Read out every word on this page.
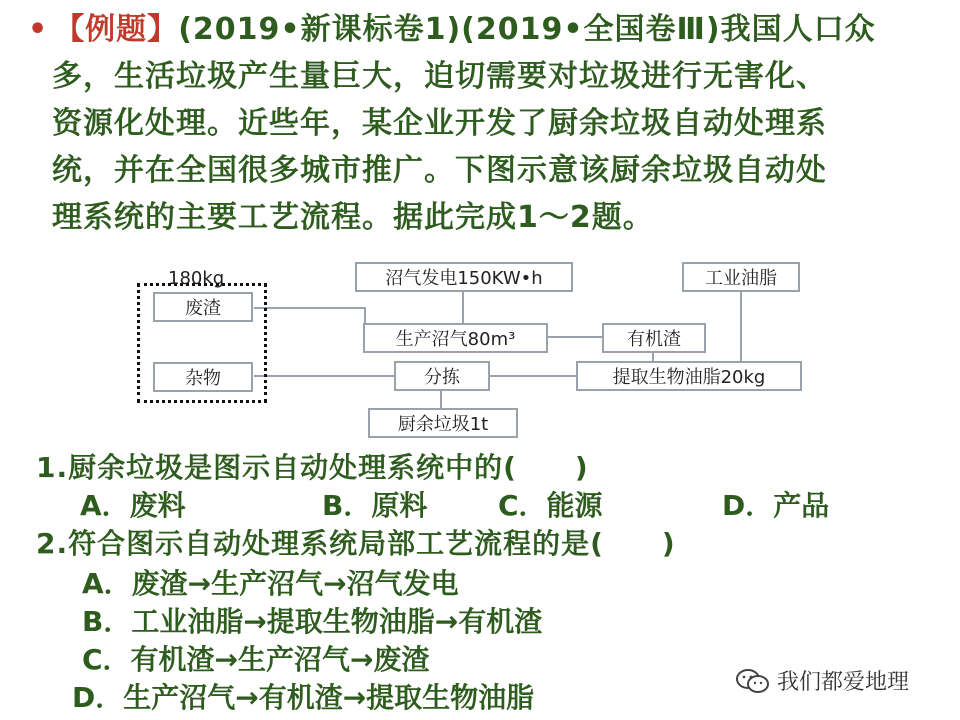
• 【例题】(2019•新课标卷1)(2019•全国卷Ⅲ)我国人口众
多，生活垃圾产生量巨大，迫切需要对垃圾进行无害化、
资源化处理。近些年，某企业开发了厨余垃圾自动处理系
统，并在全国很多城市推广。下图示意该厨余垃圾自动处
理系统的主要工艺流程。据此完成1～2题。
180kg
废渣
杂物
沼气发电150KW•h
生产沼气80m³	有机渣
工业油脂
分拣	提取生物油脂20kg
厨余垃圾1t
1.厨余垃圾是图示自动处理系统中的(　　)
A．废料	B．原料	C．能源	D．产品
2.符合图示自动处理系统局部工艺流程的是(　　)
A．废渣→生产沼气→沼气发电
B．工业油脂→提取生物油脂→有机渣
C．有机渣→生产沼气→废渣
D．生产沼气→有机渣→提取生物油脂	我们都爱地理
